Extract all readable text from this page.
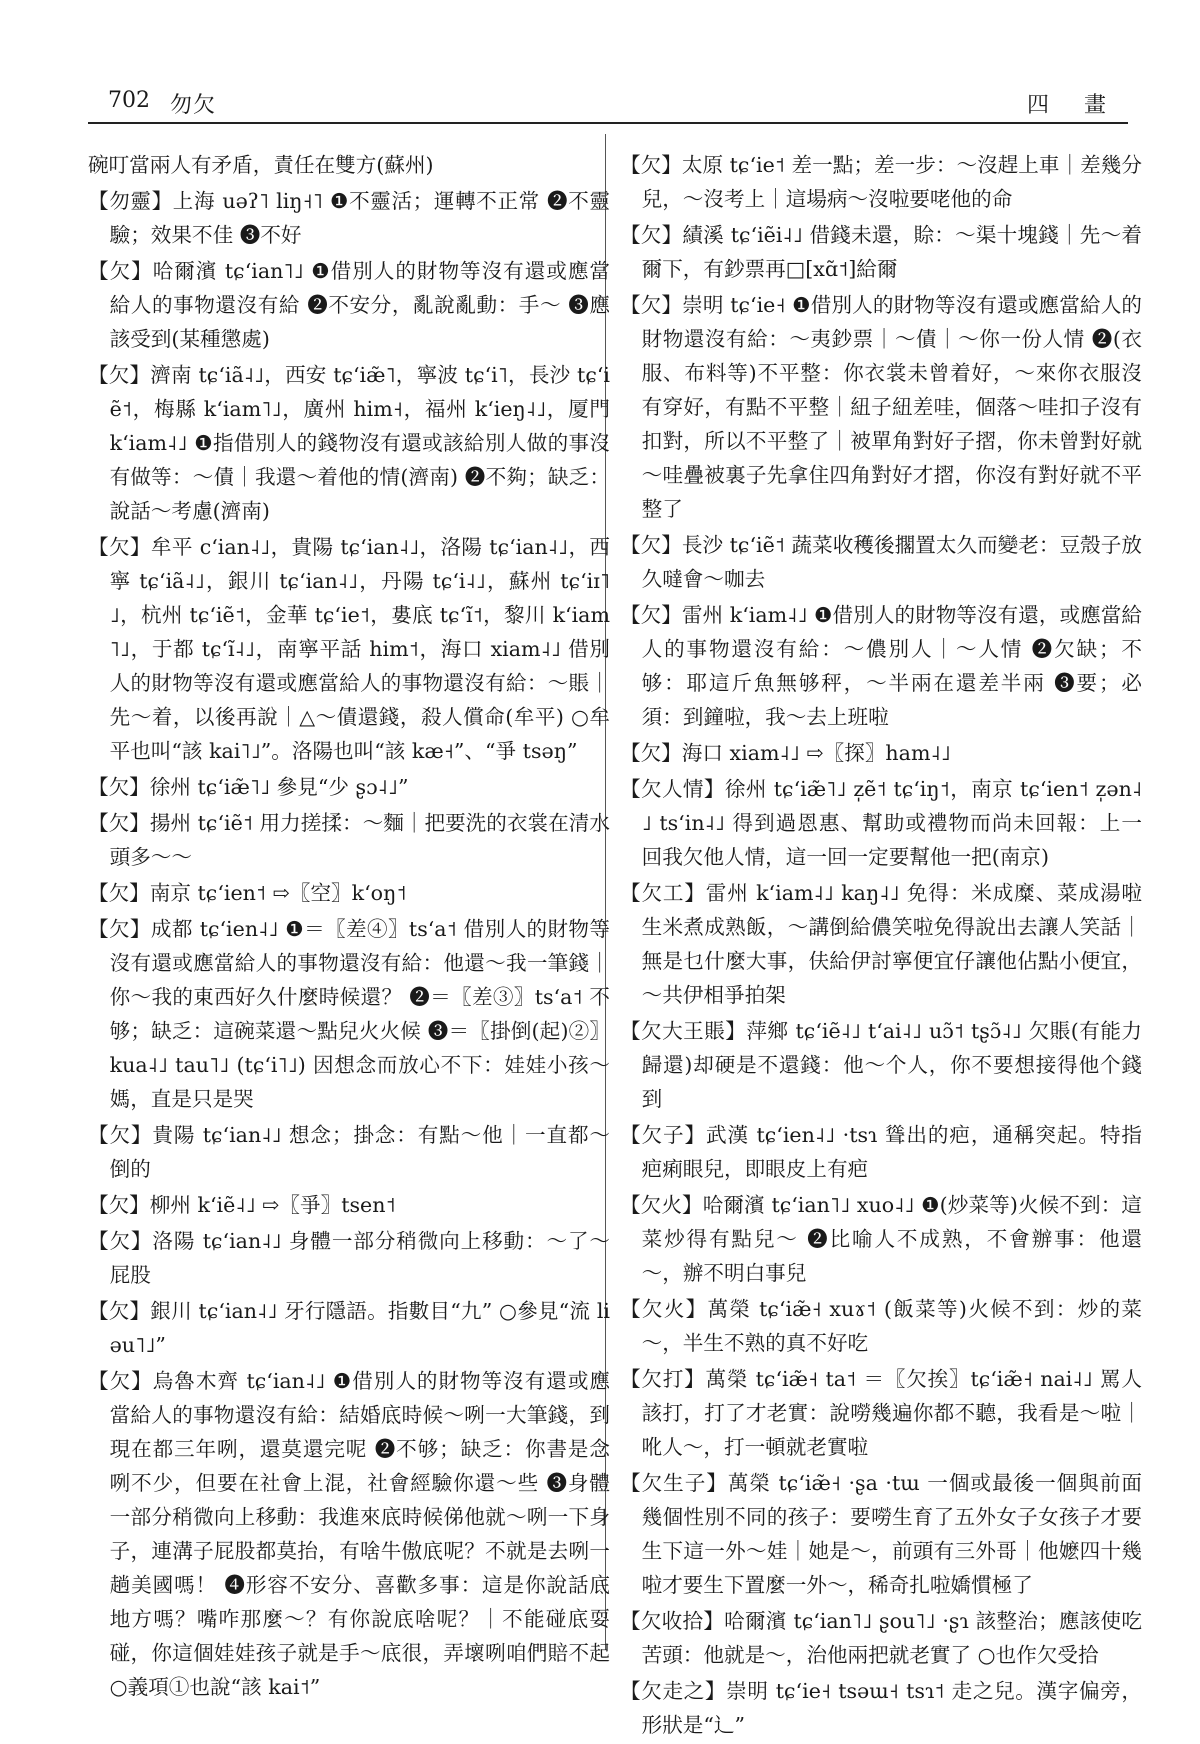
702 勿欠	四 畫
碗叮當兩人有矛盾，責任在雙方(蘇州)
【勿靈】上海 uəʔ˥ liŋ˧˥ ❶不靈活；運轉不正常 ❷不靈驗；效果不佳 ❸不好
【欠】哈爾濱 tɕʻian˥˩ ❶借別人的財物等沒有還或應當給人的事物還沒有給 ❷不安分，亂說亂動：手～ ❸應該受到(某種懲處)
【欠】濟南 tɕʻiã˨˩，西安 tɕʻiæ̃˥，寧波 tɕʻi˥，長沙 tɕʻiẽ˦，梅縣 kʻiam˥˩，廣州 him˧，福州 kʻieŋ˨˩，厦門 kʻiam˨˩ ❶指借別人的錢物沒有還或該給別人做的事沒有做等：～債｜我還～着他的情(濟南) ❷不夠；缺乏：說話～考慮(濟南)
【欠】牟平 cʻian˨˩，貴陽 tɕʻian˨˩，洛陽 tɕʻian˨˩，西寧 tɕʻiã˨˩，銀川 tɕʻian˨˩，丹陽 tɕʻi˨˩，蘇州 tɕʻiɪ˥˩，杭州 tɕʻiẽ˦，金華 tɕʻie˦，婁底 tɕʻĩ˦，黎川 kʻiam˥˩，于都 tɕʻĩ˨˩，南寧平話 him˦，海口 xiam˨˩ 借別人的財物等沒有還或應當給人的事物還沒有給：～賬｜先～着，以後再說｜△～債還錢，殺人償命(牟平) ○牟平也叫“該 kai˥˩”。洛陽也叫“該 kæ˧”、“爭 tsəŋ”
【欠】徐州 tɕʻiæ̃˥˩ 參見“少 ʂɔ˨˩”
【欠】揚州 tɕʻiẽ˦ 用力搓揉：～麵｜把要洗的衣裳在清水頭多～～
【欠】南京 tɕʻien˦ ⇨〖空〗kʻoŋ˦
【欠】成都 tɕʻien˨˩ ❶＝〖差④〗tsʻa˦ 借別人的財物等沒有還或應當給人的事物還沒有給：他還～我一筆錢｜你～我的東西好久什麼時候還？ ❷＝〖差③〗tsʻa˦ 不够；缺乏：這碗菜還～點兒火火候 ❸＝〖掛倒(起)②〗kua˨˩ tau˥˩ (tɕʻi˥˩) 因想念而放心不下：娃娃小孩～媽，直是只是哭
【欠】貴陽 tɕʻian˨˩ 想念；掛念：有點～他｜一直都～倒的
【欠】柳州 kʻiẽ˨˩ ⇨〖爭〗tsen˦
【欠】洛陽 tɕʻian˨˩ 身體一部分稍微向上移動：～了～屁股
【欠】銀川 tɕʻian˨˩ 牙行隱語。指數目“九” ○參見“流 liəu˥˩”
【欠】烏魯木齊 tɕʻian˨˩ ❶借別人的財物等沒有還或應當給人的事物還沒有給：結婚底時候～咧一大筆錢，到現在都三年咧，還莫還完呢 ❷不够；缺乏：你書是念咧不少，但要在社會上混，社會經驗你還～些 ❸身體一部分稍微向上移動：我進來底時候俤他就～咧一下身子，連溝子屁股都莫抬，有啥牛傲底呢？不就是去咧一趟美國嗎！ ❹形容不安分、喜歡多事：這是你說話底地方嗎？嘴咋那麼～？有你說底啥呢？｜不能碰底耍碰，你這個娃娃孩子就是手～底很，弄壞咧咱們賠不起 ○義項①也說“該 kai˦”
【欠】太原 tɕʻie˦ 差一點；差一步：～沒趕上車｜差幾分兒，～沒考上｜這場病～沒啦要咾他的命
【欠】績溪 tɕʻiẽi˨˩ 借錢未還，賒：～渠十塊錢｜先～着爾下，有鈔票再□[xɑ̃˦]給爾
【欠】崇明 tɕʻie˧ ❶借別人的財物等沒有還或應當給人的財物還沒有給：～夷鈔票｜～債｜～你一份人情 ❷(衣服、布料等)不平整：你衣裳未曾着好，～來你衣服沒有穿好，有點不平整｜紐子紐差哇，個落～哇扣子沒有扣對，所以不平整了｜被單角對好子摺，你未曾對好就～哇疊被裏子先拿住四角對好才摺，你沒有對好就不平整了
【欠】長沙 tɕʻiẽ˦ 蔬菜收穫後擱置太久而變老：豆殼子放久噠會～咖去
【欠】雷州 kʻiam˨˩ ❶借別人的財物等沒有還，或應當給人的事物還沒有給：～儂別人｜～人情 ❷欠缺；不够：耶這斤魚無够秤，～半兩在還差半兩 ❸要；必須：到鐘啦，我～去上班啦
【欠】海口 xiam˨˩ ⇨〖探〗ham˨˩
【欠人情】徐州 tɕʻiæ̃˥˩ z̩ẽ˦ tɕʻiŋ˦，南京 tɕʻien˦ z̩ən˨˩ tsʻin˨˩ 得到過恩惠、幫助或禮物而尚未回報：上一回我欠他人情，這一回一定要幫他一把(南京)
【欠工】雷州 kʻiam˨˩ kaŋ˨˩ 免得：米成糜、菜成湯啦生米煮成熟飯，～講倒給儂笑啦免得說出去讓人笑話｜無是乜什麼大事，伕給伊討寧便宜仔讓他佔點小便宜，～共伊相爭拍架
【欠大王賬】萍鄉 tɕʻiẽ˨˩ tʻai˨˩ uɔ̃˦ tʂɔ̃˨˩ 欠賬(有能力歸還)却硬是不還錢：他～个人，你不要想接得他个錢到
【欠子】武漢 tɕʻien˨˩ ·tsɿ 聳出的疤，通稱突起。特指疤痢眼兒，即眼皮上有疤
【欠火】哈爾濱 tɕʻian˥˩ xuo˨˩ ❶(炒菜等)火候不到：這菜炒得有點兒～ ❷比喻人不成熟，不會辦事：他還～，辦不明白事兒
【欠火】萬榮 tɕʻiæ̃˧ xuɤ˦ (飯菜等)火候不到：炒的菜～，半生不熟的真不好吃
【欠打】萬榮 tɕʻiæ̃˧ ta˦ ＝〖欠挨〗tɕʻiæ̃˧ nai˨˩ 罵人該打，打了才老實：說嘮幾遍你都不聽，我看是～啦｜吪人～，打一頓就老實啦
【欠生子】萬榮 tɕʻiæ̃˧ ·ʂa ·tɯ 一個或最後一個與前面幾個性別不同的孩子：要嘮生育了五外女子女孩子才要生下這一外～娃｜她是～，前頭有三外哥｜他嬷四十幾啦才要生下置麼一外～，稀奇扎啦嬌慣極了
【欠收拾】哈爾濱 tɕʻian˥˩ ʂou˥˩ ·ʂɿ 該整治；應該使吃苦頭：他就是～，治他兩把就老實了 ○也作欠受拾
【欠走之】崇明 tɕʻie˧ tsəɯ˧ tsɿ˦ 走之兒。漢字偏旁，形狀是“辶”
